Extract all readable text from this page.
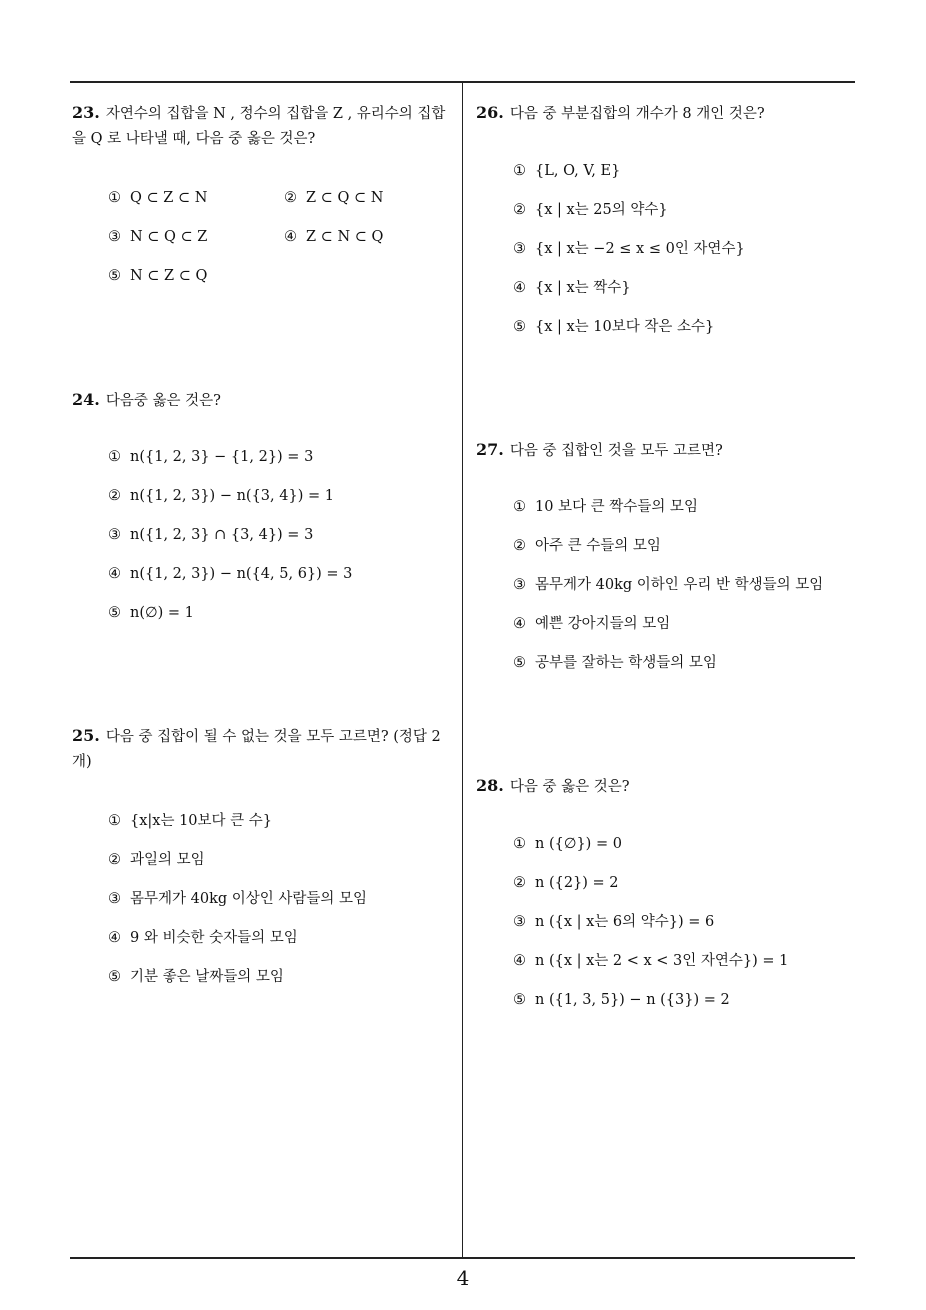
23. 자연수의 집합을 N , 정수의 집합을 Z , 유리수의 집합을 Q 로 나타낼 때, 다음 중 옳은 것은?
① Q ⊂ Z ⊂ N	② Z ⊂ Q ⊂ N
③ N ⊂ Q ⊂ Z	④ Z ⊂ N ⊂ Q
⑤ N ⊂ Z ⊂ Q
24. 다음중 옳은 것은?
① n({1, 2, 3} − {1, 2}) = 3
② n({1, 2, 3}) − n({3, 4}) = 1
③ n({1, 2, 3} ∩ {3, 4}) = 3
④ n({1, 2, 3}) − n({4, 5, 6}) = 3
⑤ n(∅) = 1
25. 다음 중 집합이 될 수 없는 것을 모두 고르면? (정답 2개)
① {x|x는 10보다 큰 수}
② 과일의 모임
③ 몸무게가 40kg 이상인 사람들의 모임
④ 9 와 비슷한 숫자들의 모임
⑤ 기분 좋은 날짜들의 모임
26. 다음 중 부분집합의 개수가 8 개인 것은?
① {L, O, V, E}
② {x | x는 25의 약수}
③ {x | x는 −2 ≤ x ≤ 0인 자연수}
④ {x | x는 짝수}
⑤ {x | x는 10보다 작은 소수}
27. 다음 중 집합인 것을 모두 고르면?
① 10 보다 큰 짝수들의 모임
② 아주 큰 수들의 모임
③ 몸무게가 40kg 이하인 우리 반 학생들의 모임
④ 예쁜 강아지들의 모임
⑤ 공부를 잘하는 학생들의 모임
28. 다음 중 옳은 것은?
① n ({∅}) = 0
② n ({2}) = 2
③ n ({x | x는 6의 약수}) = 6
④ n ({x | x는 2 < x < 3인 자연수}) = 1
⑤ n ({1, 3, 5}) − n ({3}) = 2
4
